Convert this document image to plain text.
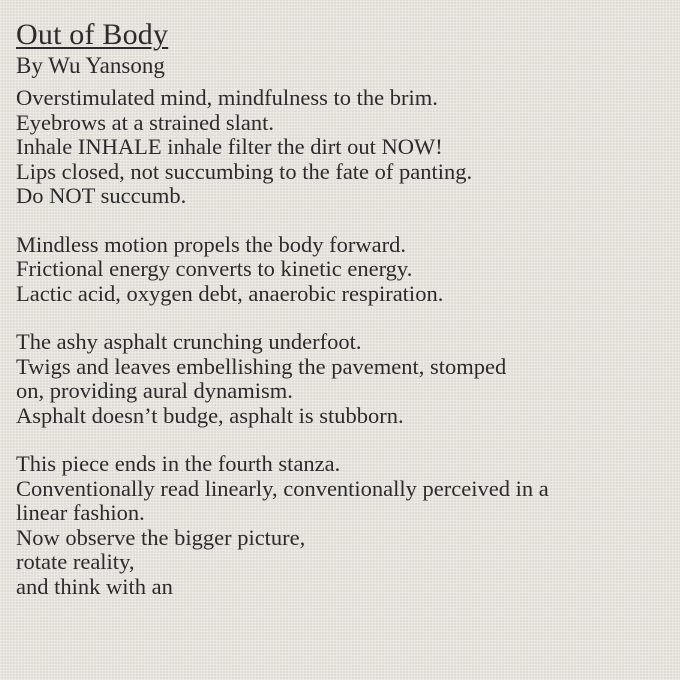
Out of Body
By Wu Yansong
Overstimulated mind, mindfulness to the brim.
Eyebrows at a strained slant.
Inhale INHALE inhale filter the dirt out NOW!
Lips closed, not succumbing to the fate of panting.
Do NOT succumb.
Mindless motion propels the body forward.
Frictional energy converts to kinetic energy.
Lactic acid, oxygen debt, anaerobic respiration.
The ashy asphalt crunching underfoot.
Twigs and leaves embellishing the pavement, stomped
on, providing aural dynamism.
Asphalt doesn’t budge, asphalt is stubborn.
This piece ends in the fourth stanza.
Conventionally read linearly, conventionally perceived in a
linear fashion.
Now observe the bigger picture,
rotate reality,
and think with an
